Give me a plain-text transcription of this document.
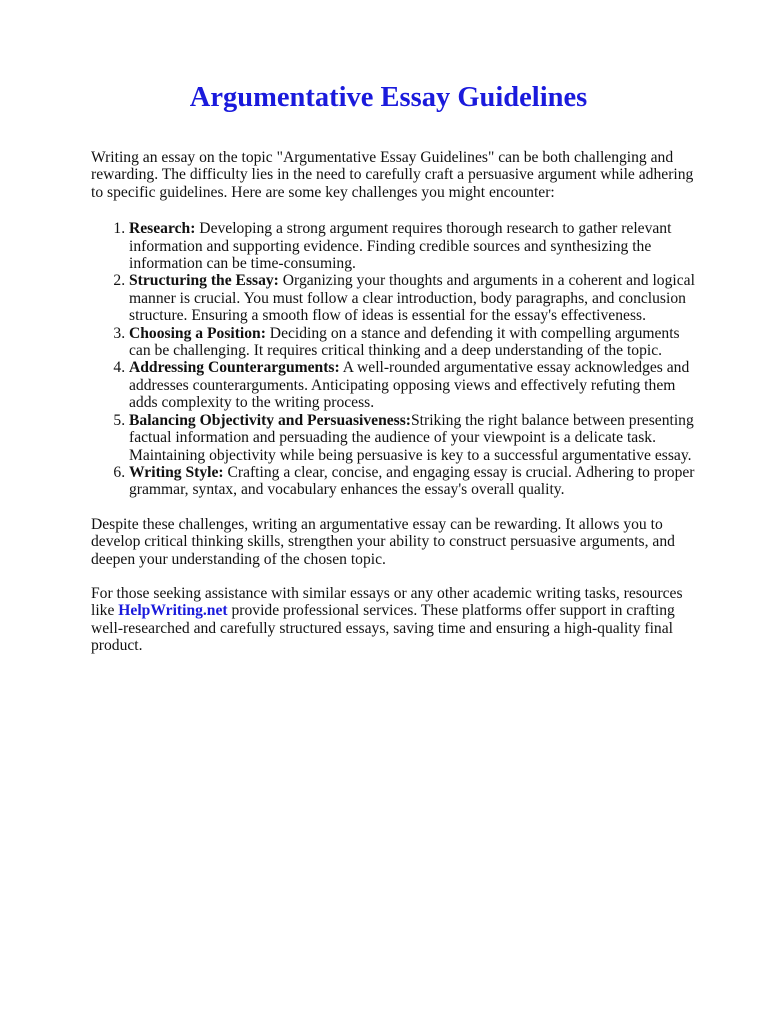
Argumentative Essay Guidelines

Writing an essay on the topic "Argumentative Essay Guidelines" can be both challenging and rewarding. The difficulty lies in the need to carefully craft a persuasive argument while adhering to specific guidelines. Here are some key challenges you might encounter:

1. Research: Developing a strong argument requires thorough research to gather relevant information and supporting evidence. Finding credible sources and synthesizing the information can be time-consuming.
2. Structuring the Essay: Organizing your thoughts and arguments in a coherent and logical manner is crucial. You must follow a clear introduction, body paragraphs, and conclusion structure. Ensuring a smooth flow of ideas is essential for the essay's effectiveness.
3. Choosing a Position: Deciding on a stance and defending it with compelling arguments can be challenging. It requires critical thinking and a deep understanding of the topic.
4. Addressing Counterarguments: A well-rounded argumentative essay acknowledges and addresses counterarguments. Anticipating opposing views and effectively refuting them adds complexity to the writing process.
5. Balancing Objectivity and Persuasiveness:Striking the right balance between presenting factual information and persuading the audience of your viewpoint is a delicate task. Maintaining objectivity while being persuasive is key to a successful argumentative essay.
6. Writing Style: Crafting a clear, concise, and engaging essay is crucial. Adhering to proper grammar, syntax, and vocabulary enhances the essay's overall quality.

Despite these challenges, writing an argumentative essay can be rewarding. It allows you to develop critical thinking skills, strengthen your ability to construct persuasive arguments, and deepen your understanding of the chosen topic.

For those seeking assistance with similar essays or any other academic writing tasks, resources like HelpWriting.net provide professional services. These platforms offer support in crafting well-researched and carefully structured essays, saving time and ensuring a high-quality final product.
